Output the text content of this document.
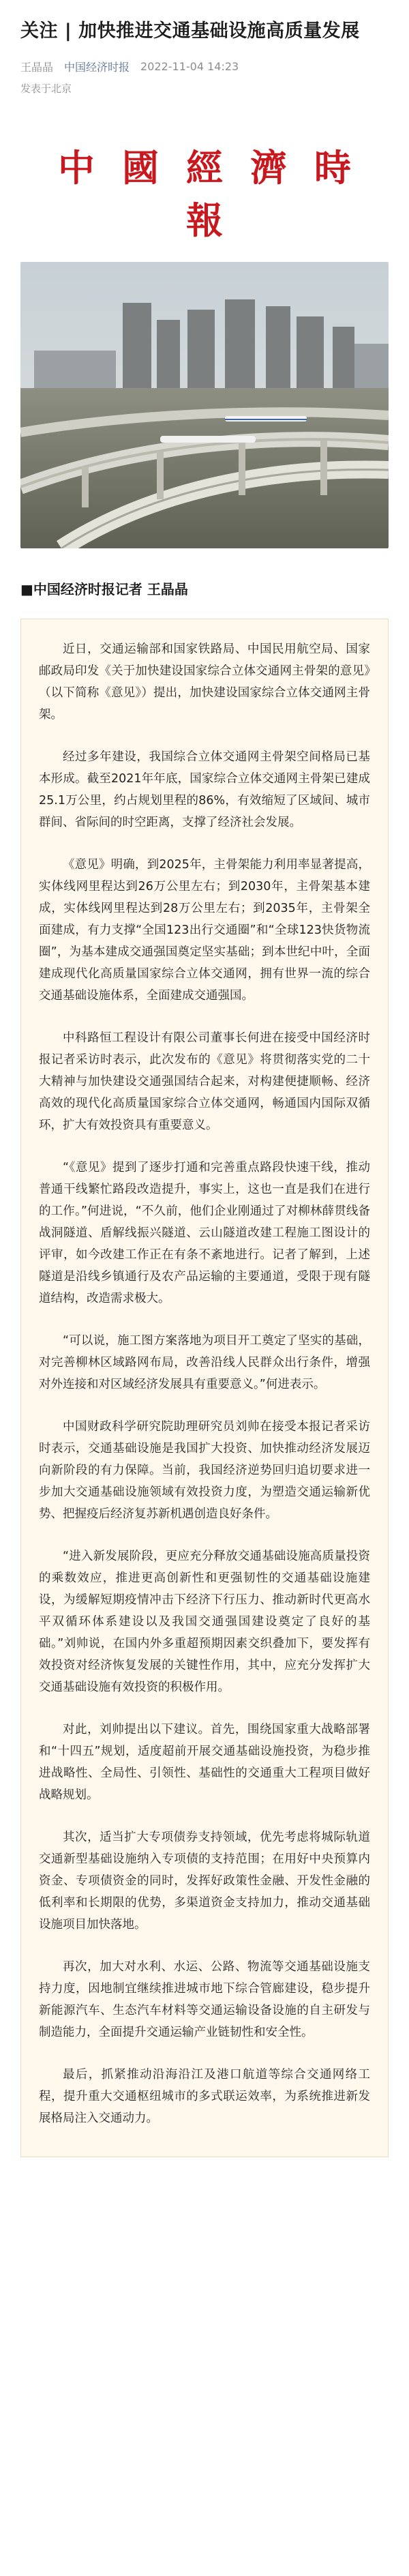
关注 | 加快推进交通基础设施高质量发展
王晶晶 中国经济时报 2022-11-04 14:23
发表于北京
中國經濟時報
■中国经济时报记者 王晶晶

近日，交通运输部和国家铁路局、中国民用航空局、国家邮政局印发《关于加快建设国家综合立体交通网主骨架的意见》（以下简称《意见》）提出，加快建设国家综合立体交通网主骨架。

经过多年建设，我国综合立体交通网主骨架空间格局已基本形成。截至2021年年底，国家综合立体交通网主骨架已建成25.1万公里，约占规划里程的86%，有效缩短了区域间、城市群间、省际间的时空距离，支撑了经济社会发展。

《意见》明确，到2025年，主骨架能力利用率显著提高，实体线网里程达到26万公里左右；到2030年，主骨架基本建成，实体线网里程达到28万公里左右；到2035年，主骨架全面建成，有力支撑“全国123出行交通圈”和“全球123快货物流圈”，为基本建成交通强国奠定坚实基础；到本世纪中叶，全面建成现代化高质量国家综合立体交通网，拥有世界一流的综合交通基础设施体系，全面建成交通强国。

中科路恒工程设计有限公司董事长何进在接受中国经济时报记者采访时表示，此次发布的《意见》将贯彻落实党的二十大精神与加快建设交通强国结合起来，对构建便捷顺畅、经济高效的现代化高质量国家综合立体交通网，畅通国内国际双循环，扩大有效投资具有重要意义。

“《意见》提到了逐步打通和完善重点路段快速干线，推动普通干线繁忙路段改造提升，事实上，这也一直是我们在进行的工作。”何进说，“不久前，他们企业刚通过了对柳林薛贯线备战洞隧道、盾解线振兴隧道、云山隧道改建工程施工图设计的评审，如今改建工作正在有条不紊地进行。记者了解到，上述隧道是沿线乡镇通行及农产品运输的主要通道，受限于现有隧道结构，改造需求极大。

“可以说，施工图方案落地为项目开工奠定了坚实的基础，对完善柳林区域路网布局，改善沿线人民群众出行条件，增强对外连接和对区域经济发展具有重要意义。”何进表示。

中国财政科学研究院助理研究员刘帅在接受本报记者采访时表示，交通基础设施是我国扩大投资、加快推动经济发展迈向新阶段的有力保障。当前，我国经济逆势回归追切要求进一步加大交通基础设施领域有效投资力度，为塑造交通运输新优势、把握疫后经济复苏新机遇创造良好条件。

“进入新发展阶段，更应充分释放交通基础设施高质量投资的乘数效应，推进更高创新性和更强韧性的交通基础设施建设，为缓解短期疫情冲击下经济下行压力、推动新时代更高水平双循环体系建设以及我国交通强国建设奠定了良好的基础。”刘帅说，在国内外多重超预期因素交织叠加下，要发挥有效投资对经济恢复发展的关键性作用，其中，应充分发挥扩大交通基础设施有效投资的积极作用。

对此，刘帅提出以下建议。首先，围绕国家重大战略部署和“十四五”规划，适度超前开展交通基础设施投资，为稳步推进战略性、全局性、引领性、基础性的交通重大工程项目做好战略规划。

其次，适当扩大专项债券支持领域，优先考虑将城际轨道交通新型基础设施纳入专项债的支持范围；在用好中央预算内资金、专项债资金的同时，发挥好政策性金融、开发性金融的低利率和长期限的优势，多渠道资金支持加力，推动交通基础设施项目加快落地。

再次，加大对水利、水运、公路、物流等交通基础设施支持力度，因地制宜继续推进城市地下综合管廊建设，稳步提升新能源汽车、生态汽车材料等交通运输设备设施的自主研发与制造能力，全面提升交通运输产业链韧性和安全性。

最后，抓紧推动沿海沿江及港口航道等综合交通网络工程，提升重大交通枢纽城市的多式联运效率，为系统推进新发展格局注入交通动力。
